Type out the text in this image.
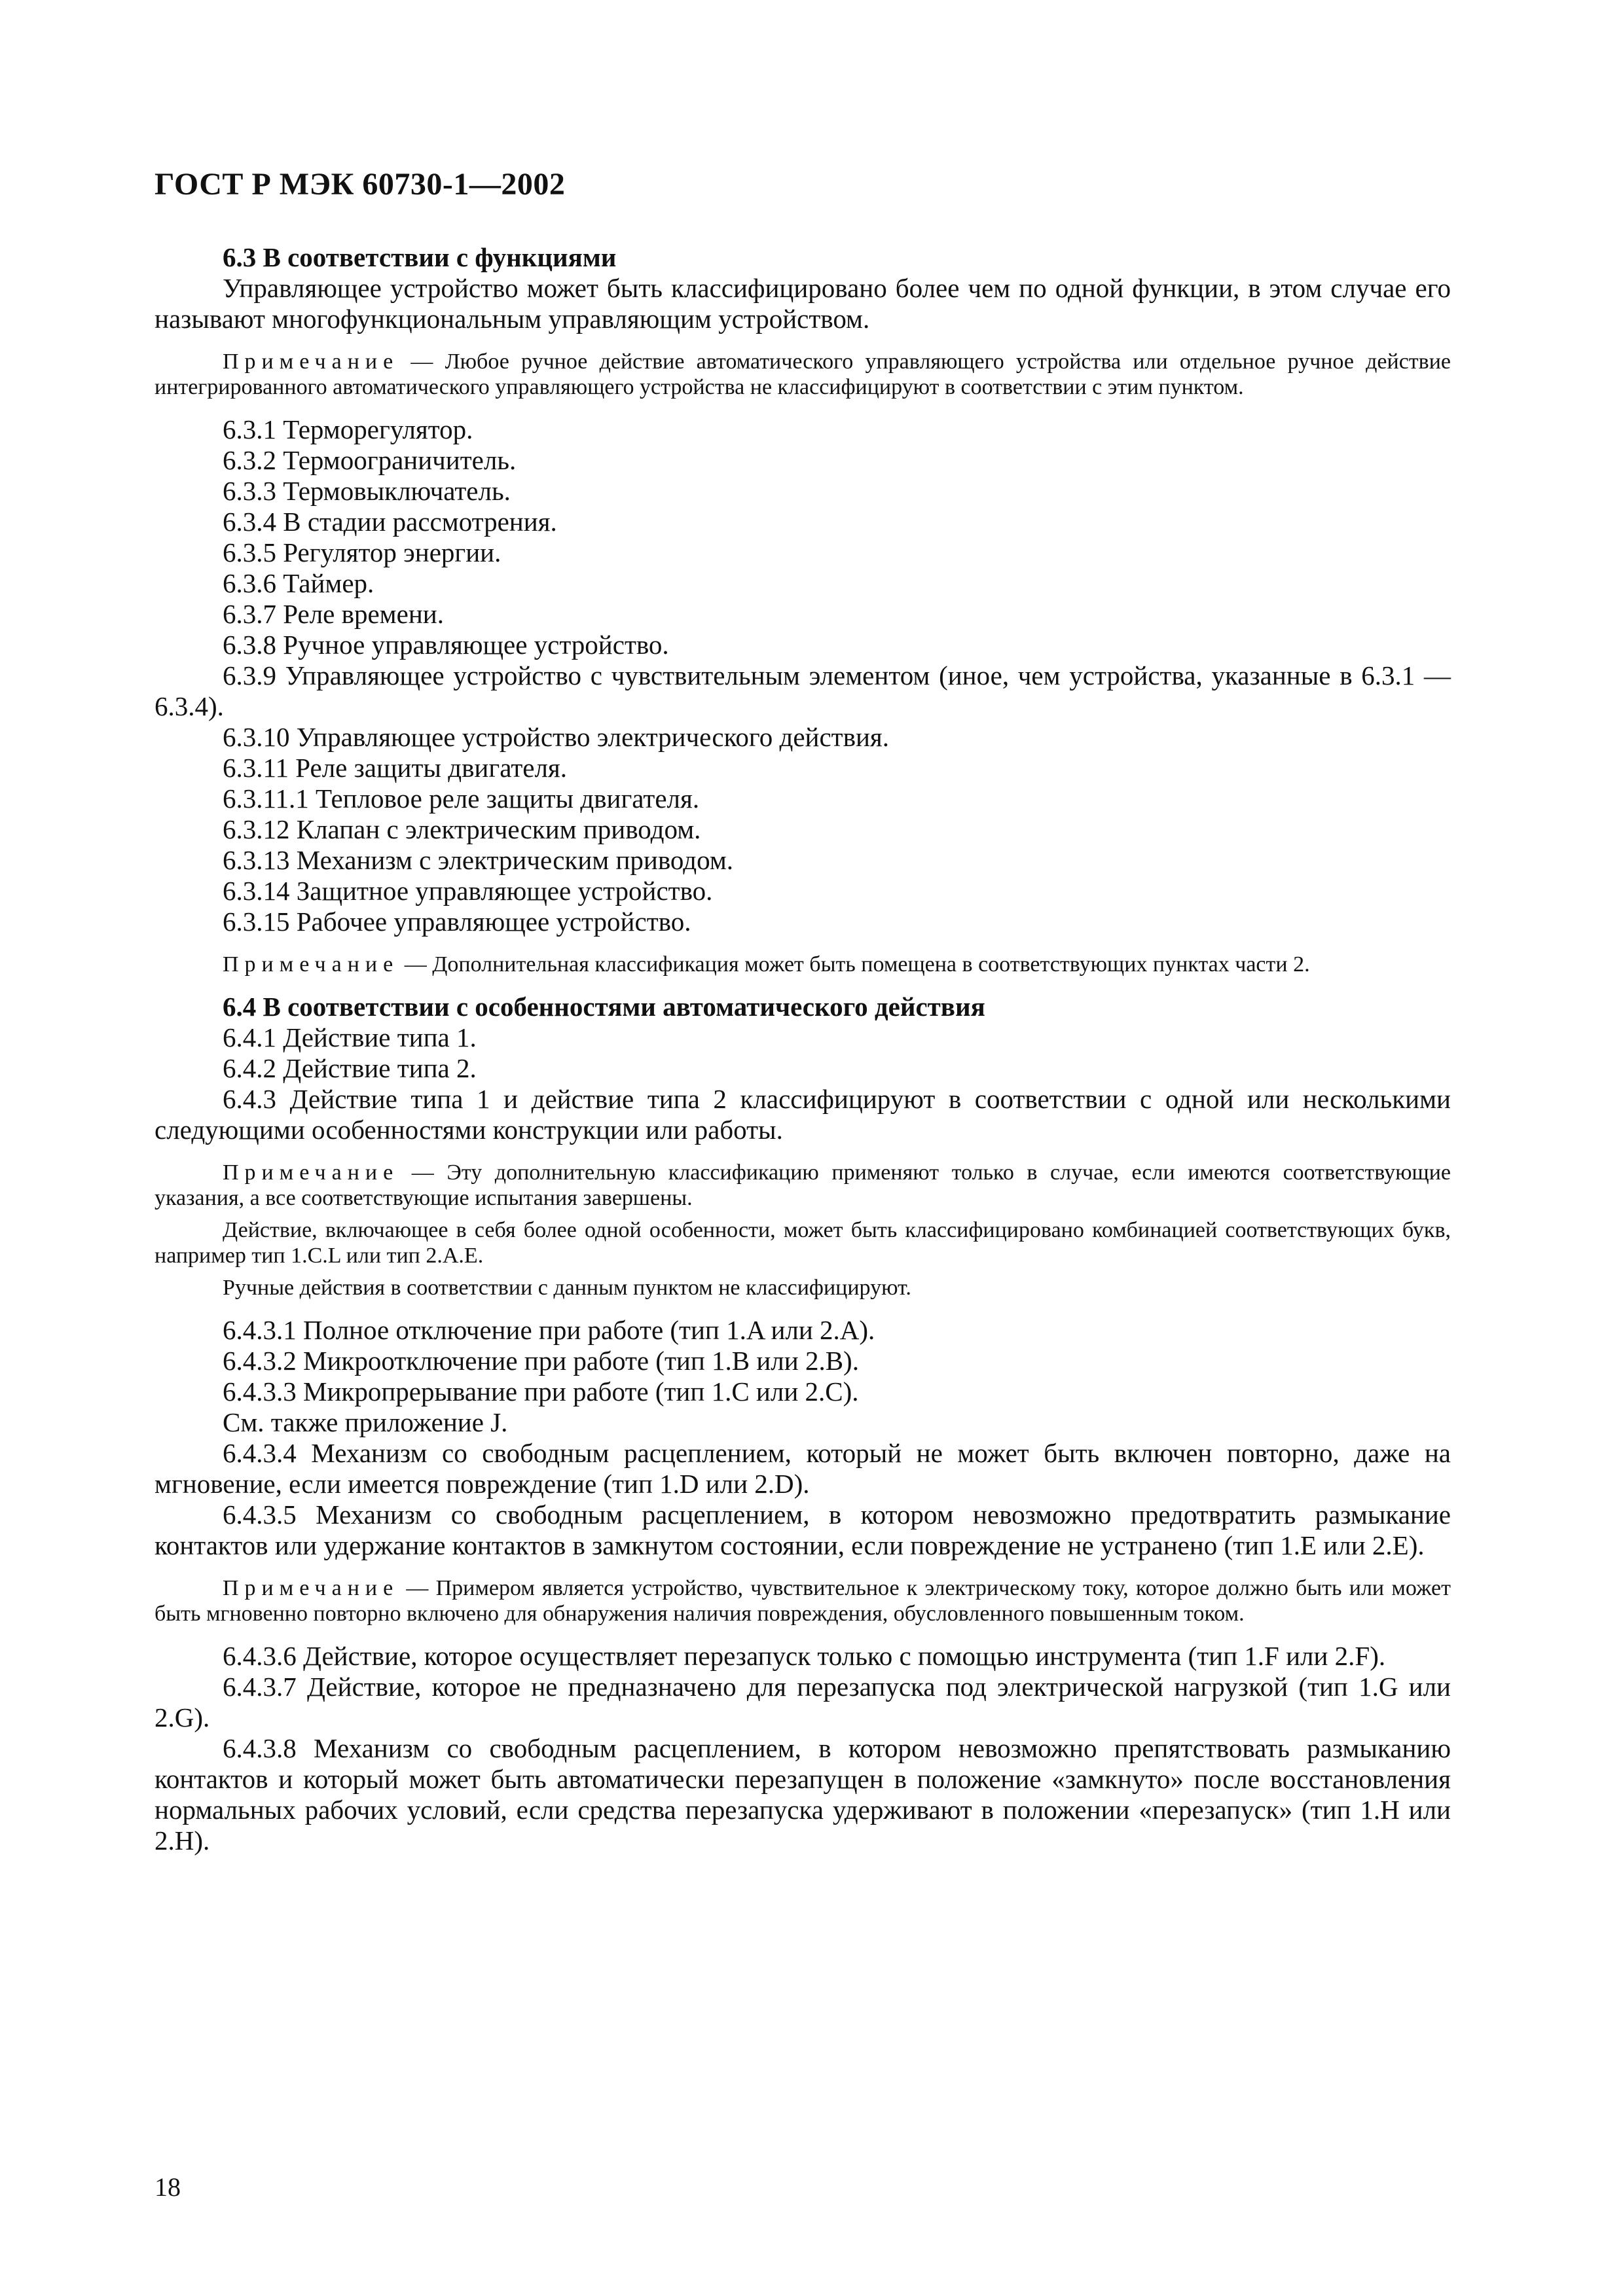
ГОСТ Р МЭК 60730-1—2002

6.3 В соответствии с функциями

Управляющее устройство может быть классифицировано более чем по одной функции, в этом случае его называют многофункциональным управляющим устройством.

Примечание — Любое ручное действие автоматического управляющего устройства или отдельное ручное действие интегрированного автоматического управляющего устройства не классифицируют в соответствии с этим пунктом.

6.3.1 Терморегулятор.

6.3.2 Термоограничитель.

6.3.3 Термовыключатель.

6.3.4 В стадии рассмотрения.

6.3.5 Регулятор энергии.

6.3.6 Таймер.

6.3.7 Реле времени.

6.3.8 Ручное управляющее устройство.

6.3.9 Управляющее устройство с чувствительным элементом (иное, чем устройства, указанные в 6.3.1 — 6.3.4).

6.3.10 Управляющее устройство электрического действия.

6.3.11 Реле защиты двигателя.

6.3.11.1 Тепловое реле защиты двигателя.

6.3.12 Клапан с электрическим приводом.

6.3.13 Механизм с электрическим приводом.

6.3.14 Защитное управляющее устройство.

6.3.15 Рабочее управляющее устройство.

Примечание — Дополнительная классификация может быть помещена в соответствующих пунктах части 2.

6.4 В соответствии с особенностями автоматического действия

6.4.1 Действие типа 1.

6.4.2 Действие типа 2.

6.4.3 Действие типа 1 и действие типа 2 классифицируют в соответствии с одной или несколькими следующими особенностями конструкции или работы.

Примечание — Эту дополнительную классификацию применяют только в случае, если имеются соответствующие указания, а все соответствующие испытания завершены.

Действие, включающее в себя более одной особенности, может быть классифицировано комбинацией соответствующих букв, например тип 1.C.L или тип 2.A.E.

Ручные действия в соответствии с данным пунктом не классифицируют.

6.4.3.1 Полное отключение при работе (тип 1.A или 2.A).

6.4.3.2 Микроотключение при работе (тип 1.B или 2.B).

6.4.3.3 Микропрерывание при работе (тип 1.C или 2.C).

См. также приложение J.

6.4.3.4 Механизм со свободным расцеплением, который не может быть включен повторно, даже на мгновение, если имеется повреждение (тип 1.D или 2.D).

6.4.3.5 Механизм со свободным расцеплением, в котором невозможно предотвратить размыкание контактов или удержание контактов в замкнутом состоянии, если повреждение не устранено (тип 1.E или 2.E).

Примечание — Примером является устройство, чувствительное к электрическому току, которое должно быть или может быть мгновенно повторно включено для обнаружения наличия повреждения, обусловленного повышенным током.

6.4.3.6 Действие, которое осуществляет перезапуск только с помощью инструмента (тип 1.F или 2.F).

6.4.3.7 Действие, которое не предназначено для перезапуска под электрической нагрузкой (тип 1.G или 2.G).

6.4.3.8 Механизм со свободным расцеплением, в котором невозможно препятствовать размыканию контактов и который может быть автоматически перезапущен в положение «замкнуто» после восстановления нормальных рабочих условий, если средства перезапуска удерживают в положении «перезапуск» (тип 1.H или 2.H).

18
